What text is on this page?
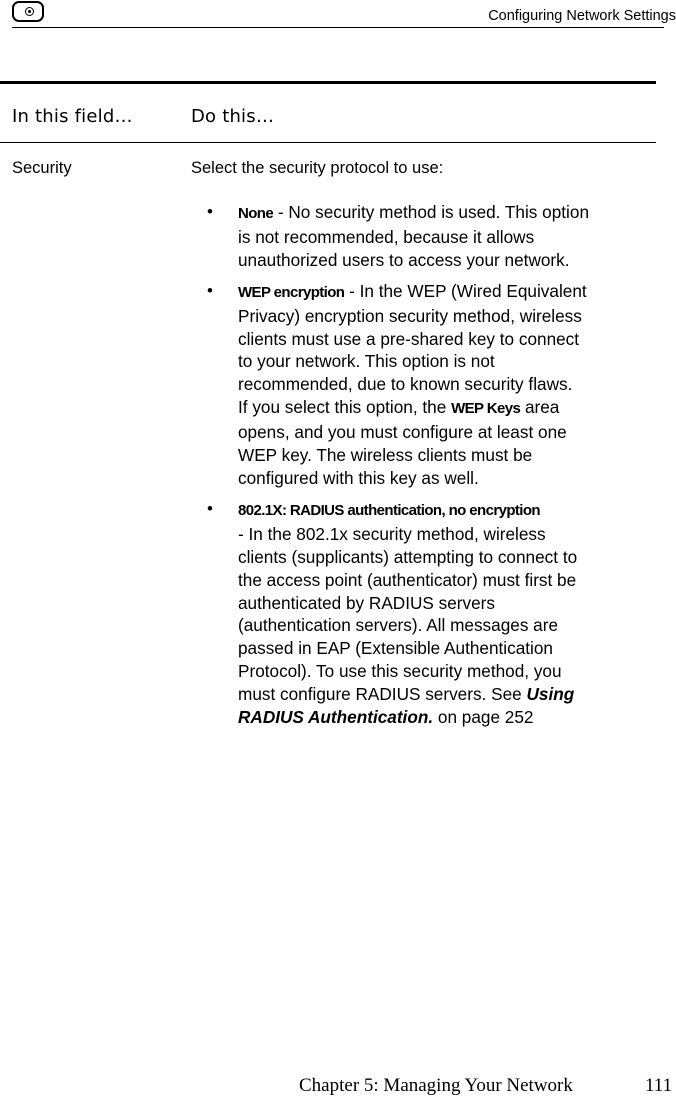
Configuring Network Settings
In this field…	Do this…
Security	Select the security protocol to use:
• None - No security method is used. This option is not recommended, because it allows unauthorized users to access your network.
• WEP encryption - In the WEP (Wired Equivalent Privacy) encryption security method, wireless clients must use a pre-shared key to connect to your network. This option is not recommended, due to known security flaws.
If you select this option, the WEP Keys area opens, and you must configure at least one WEP key. The wireless clients must be configured with this key as well.
• 802.1X: RADIUS authentication, no encryption
- In the 802.1x security method, wireless clients (supplicants) attempting to connect to the access point (authenticator) must first be authenticated by RADIUS servers (authentication servers). All messages are passed in EAP (Extensible Authentication Protocol). To use this security method, you must configure RADIUS servers. See Using RADIUS Authentication. on page 252
Chapter 5: Managing Your Network	111
